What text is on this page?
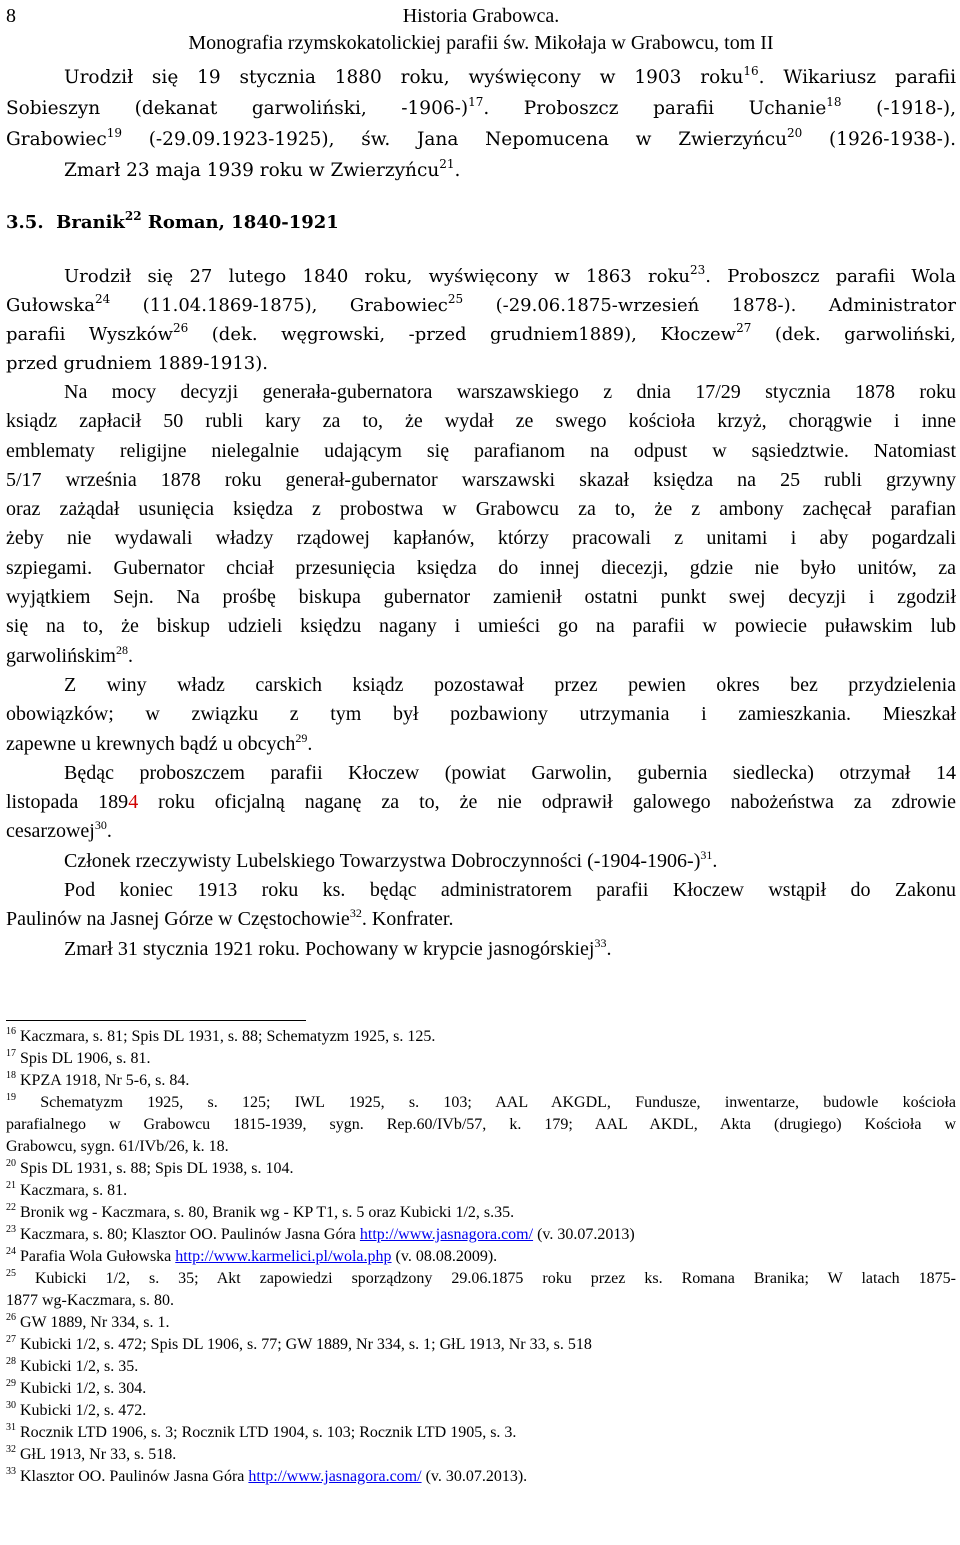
8	Historia Grabowca.
Monografia rzymskokatolickiej parafii św. Mikołaja w Grabowcu, tom II
Urodził się 19 stycznia 1880 roku, wyświęcony w 1903 roku$^{16}$. Wikariusz parafii
Sobieszyn (dekanat garwoliński, -1906-)$^{17}$. Proboszcz parafii Uchanie$^{18}$ (-1918-),
Grabowiec$^{19}$ (-29.09.1923-1925), św. Jana Nepomucena w Zwierzyńcu$^{20}$ (1926-1938-).
Zmarł 23 maja 1939 roku w Zwierzyńcu$^{21}$.
3.5. Branik$^{22}$ Roman, 1840-1921
Urodził się 27 lutego 1840 roku, wyświęcony w 1863 roku$^{23}$. Proboszcz parafii Wola
Gułowska$^{24}$ (11.04.1869-1875), Grabowiec$^{25}$ (-29.06.1875-wrzesień 1878-). Administrator
parafii Wyszków$^{26}$ (dek. węgrowski, -przed grudniem1889), Kłoczew$^{27}$ (dek. garwoliński,
przed grudniem 1889-1913).
Na mocy decyzji generała-gubernatora warszawskiego z dnia 17/29 stycznia 1878 roku
ksiądz zapłacił 50 rubli kary za to, że wydał ze swego kościoła krzyż, chorągwie i inne
emblematy religijne nielegalnie udającym się parafianom na odpust w sąsiedztwie. Natomiast
5/17 września 1878 roku generał-gubernator warszawski skazał księdza na 25 rubli grzywny
oraz zażądał usunięcia księdza z probostwa w Grabowcu za to, że z ambony zachęcał parafian
żeby nie wydawali władzy rządowej kapłanów, którzy pracowali z unitami i aby pogardzali
szpiegami. Gubernator chciał przesunięcia księdza do innej diecezji, gdzie nie było unitów, za
wyjątkiem Sejn. Na prośbę biskupa gubernator zamienił ostatni punkt swej decyzji i zgodził
się na to, że biskup udzieli księdzu nagany i umieści go na parafii w powiecie puławskim lub
garwolińskim$^{28}$.
Z winy władz carskich ksiądz pozostawał przez pewien okres bez przydzielenia
obowiązków; w związku z tym był pozbawiony utrzymania i zamieszkania. Mieszkał
zapewne u krewnych bądź u obcych$^{29}$.
Będąc proboszczem parafii Kłoczew (powiat Garwolin, gubernia siedlecka) otrzymał 14
listopada 1894 roku oficjalną naganę za to, że nie odprawił galowego nabożeństwa za zdrowie
cesarzowej$^{30}$.
Członek rzeczywisty Lubelskiego Towarzystwa Dobroczynności $(-1904-1906-)^{31}$.
Pod koniec 1913 roku ks. będąc administratorem parafii Kłoczew wstąpił do Zakonu
Paulinów na Jasnej Górze w Częstochowie$^{32}$. Konfrater.
Zmarł 31 stycznia 1921 roku. Pochowany w krypcie jasnogórskiej$^{33}$.

$^{16}$ Kaczmara, s. 81; Spis DL 1931, s. 88; Schematyzm 1925, s. 125.

$^{17}$ Spis DL 1906, s. 81.

$^{18}$ KPZA 1918, Nr 5-6, s. 84.

$^{19}$ Schematyzm 1925, s. 125; IWL 1925, s. 103; AAL AKGDL, Fundusze, inwentarze, budowle kościoła
parafialnego w Grabowcu 1815-1939, sygn. Rep.60/IVb/57, k. 179; AAL AKDL, Akta (drugiego) Kościoła w
Grabowcu, sygn. 61/IVb/26, k. 18.

$^{20}$ Spis DL 1931, s. 88; Spis DL 1938, s. 104.

$^{21}$ Kaczmara, s. 81.

$^{22}$ Bronik wg - Kaczmara, s. 80, Branik wg - KP T1, s. 5 oraz Kubicki 1/2, s.35.

$^{23}$ Kaczmara, s. 80; Klasztor OO. Paulinów Jasna Góra http://www.jasnagora.com/ (v. 30.07.2013)

$^{24}$ Parafia Wola Gułowska http://www.karmelici.pl/wola.php (v. 08.08.2009).

$^{25}$ Kubicki 1/2, s. 35; Akt zapowiedzi sporządzony 29.06.1875 roku przez ks. Romana Branika; W latach 1875-
1877 wg-Kaczmara, s. 80.

$^{26}$ GW 1889, Nr 334, s. 1.

$^{27}$ Kubicki 1/2, s. 472; Spis DL 1906, s. 77; GW 1889, Nr 334, s. 1; GłL 1913, Nr 33, s. 518

$^{28}$ Kubicki 1/2, s. 35.

$^{29}$ Kubicki 1/2, s. 304.

$^{30}$ Kubicki 1/2, s. 472.

$^{31}$ Rocznik LTD 1906, s. 3; Rocznik LTD 1904, s. 103; Rocznik LTD 1905, s. 3.

$^{32}$ GłL 1913, Nr 33, s. 518.

$^{33}$ Klasztor OO. Paulinów Jasna Góra http://www.jasnagora.com/ (v. 30.07.2013).
